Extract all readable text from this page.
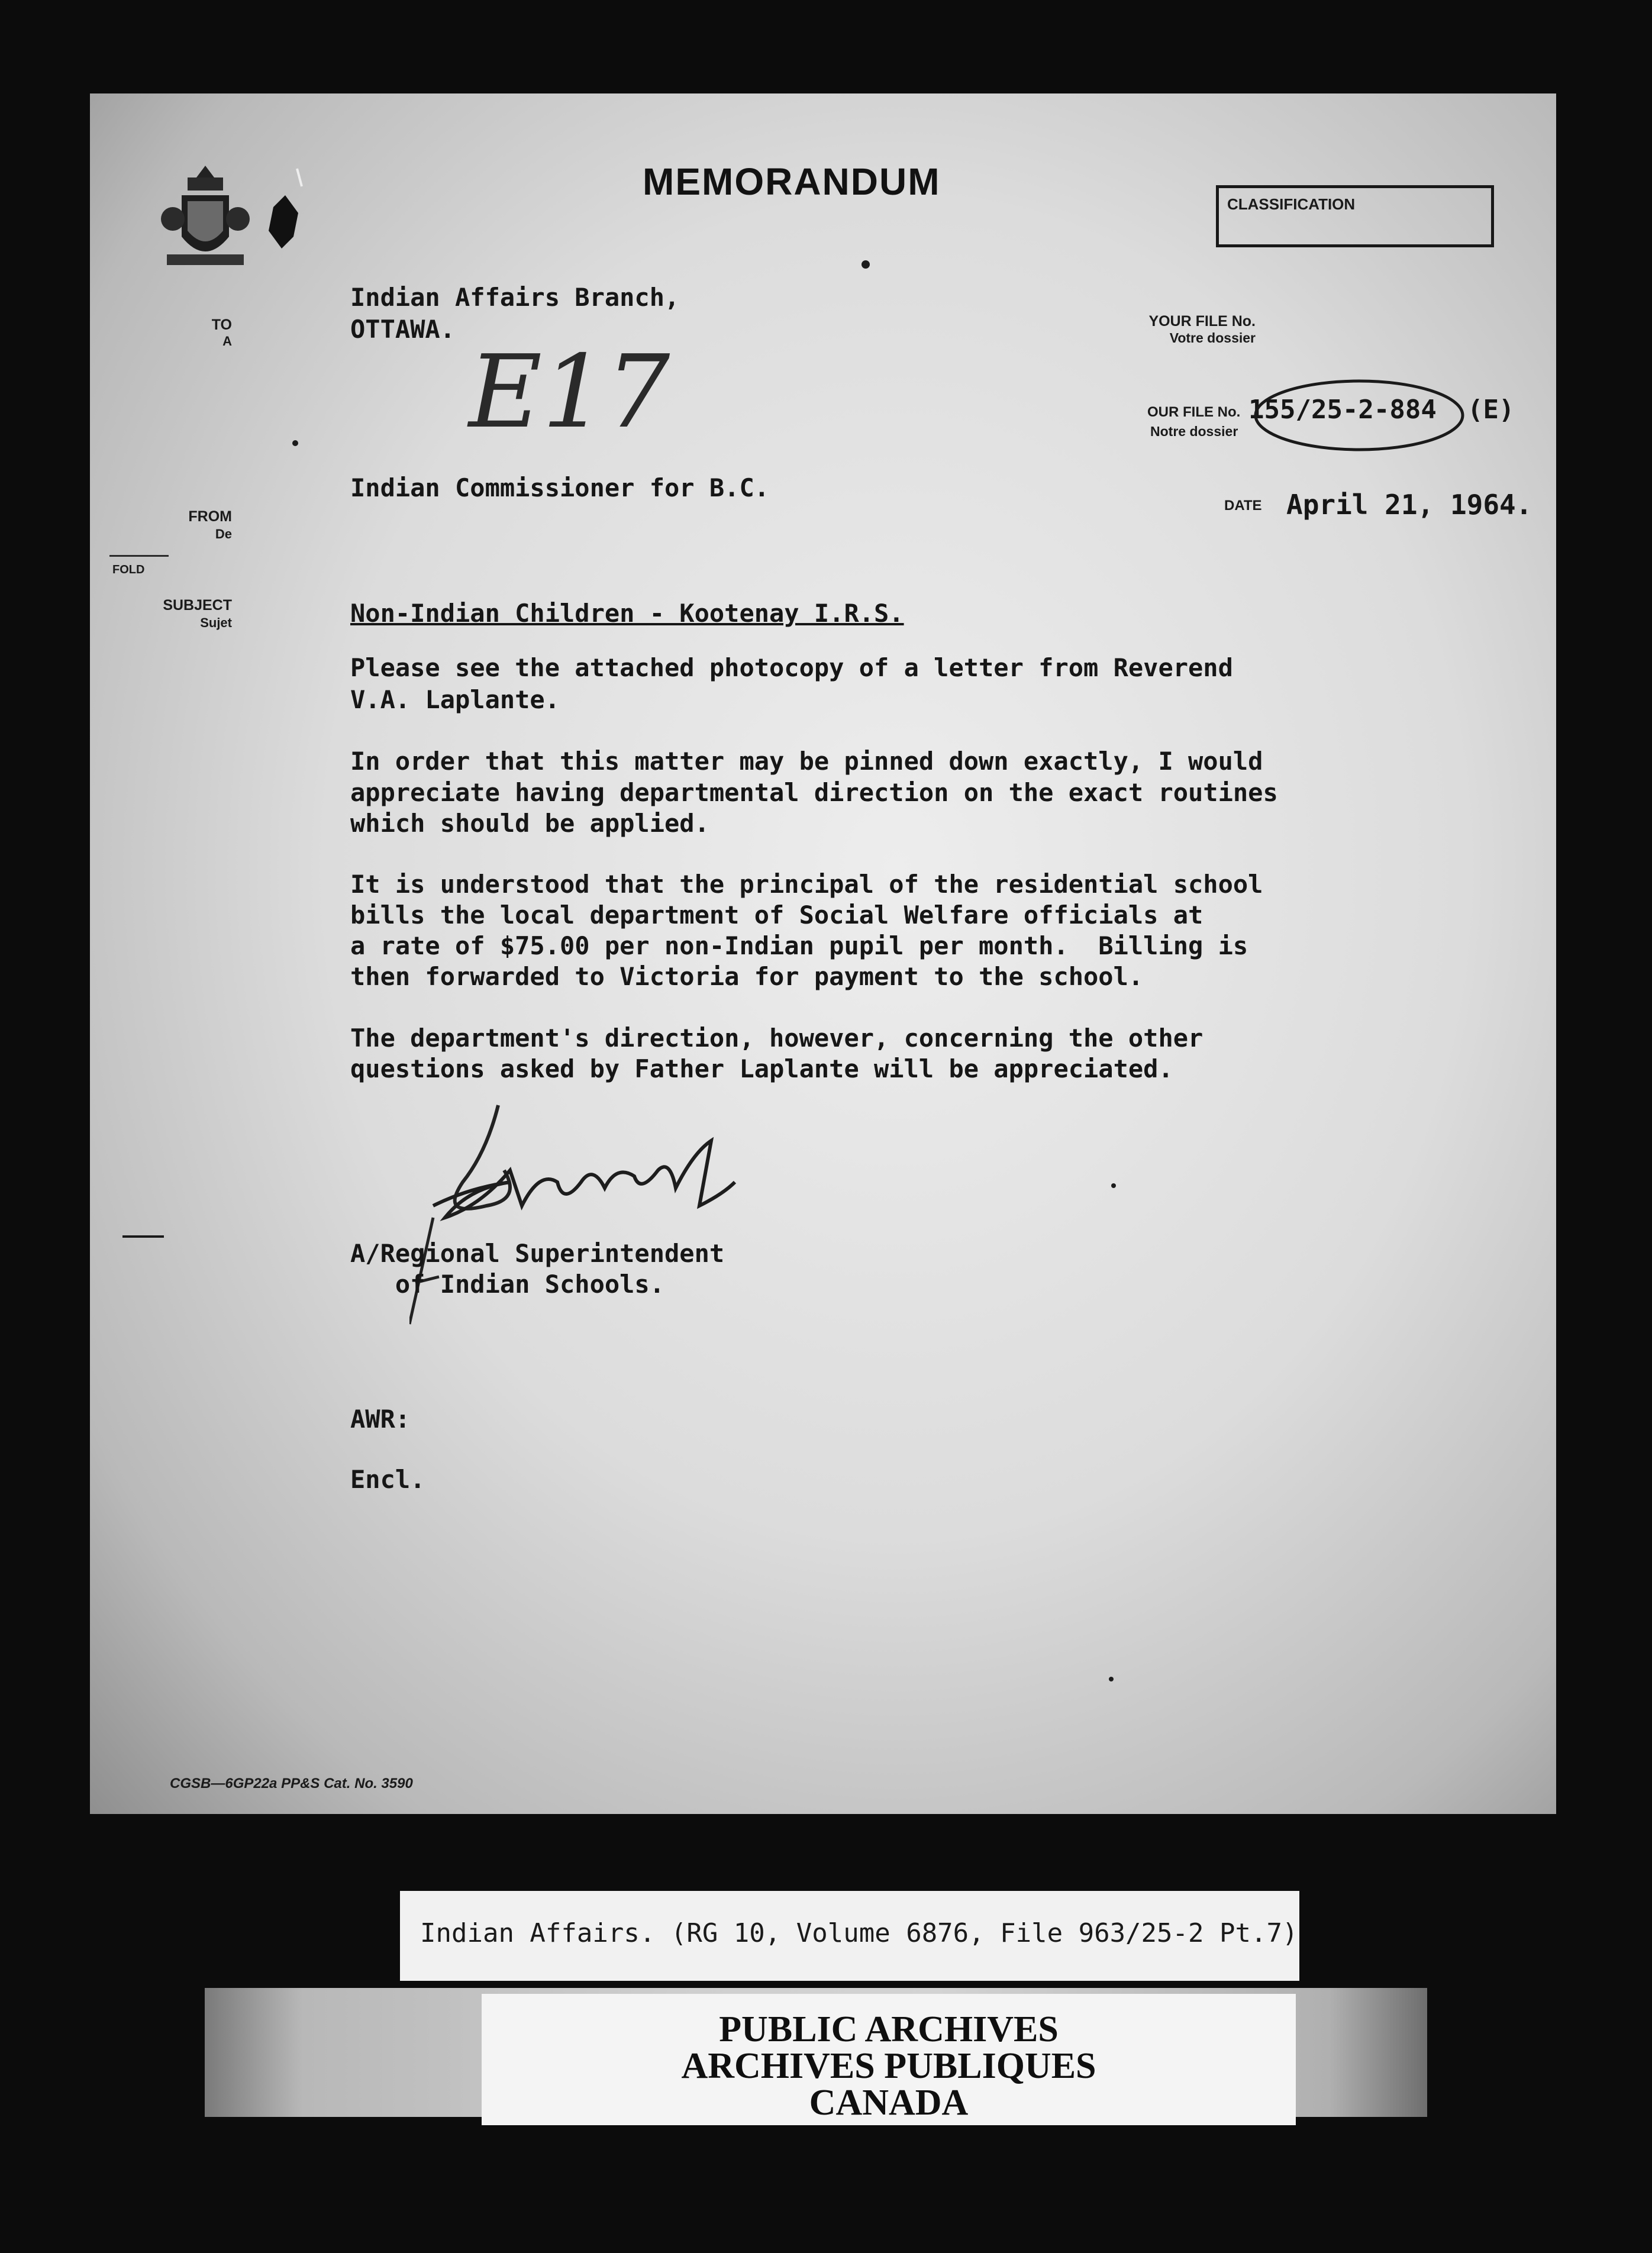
MEMORANDUM
CLASSIFICATION
TO
A
FROM
De
FOLD
SUBJECT
Sujet
YOUR FILE No.
Votre dossier
OUR FILE No.
Notre dossier
155/25-2-884 (E)
DATE April 21, 1964.
Indian Affairs Branch,
OTTAWA.
E17
Indian Commissioner for B.C.
Non-Indian Children - Kootenay I.R.S.
Please see the attached photocopy of a letter from Reverend
V.A. Laplante.
In order that this matter may be pinned down exactly, I would
appreciate having departmental direction on the exact routines
which should be applied.
It is understood that the principal of the residential school
bills the local department of Social Welfare officials at
a rate of $75.00 per non-Indian pupil per month.  Billing is
then forwarded to Victoria for payment to the school.
The department's direction, however, concerning the other
questions asked by Father Laplante will be appreciated.
A/Regional Superintendent
of Indian Schools.
AWR:
Encl.
CGSB—6GP22a PP&S Cat. No. 3590
Indian Affairs. (RG 10, Volume 6876, File 963/25-2 Pt.7)
PUBLIC ARCHIVES
ARCHIVES PUBLIQUES
CANADA
